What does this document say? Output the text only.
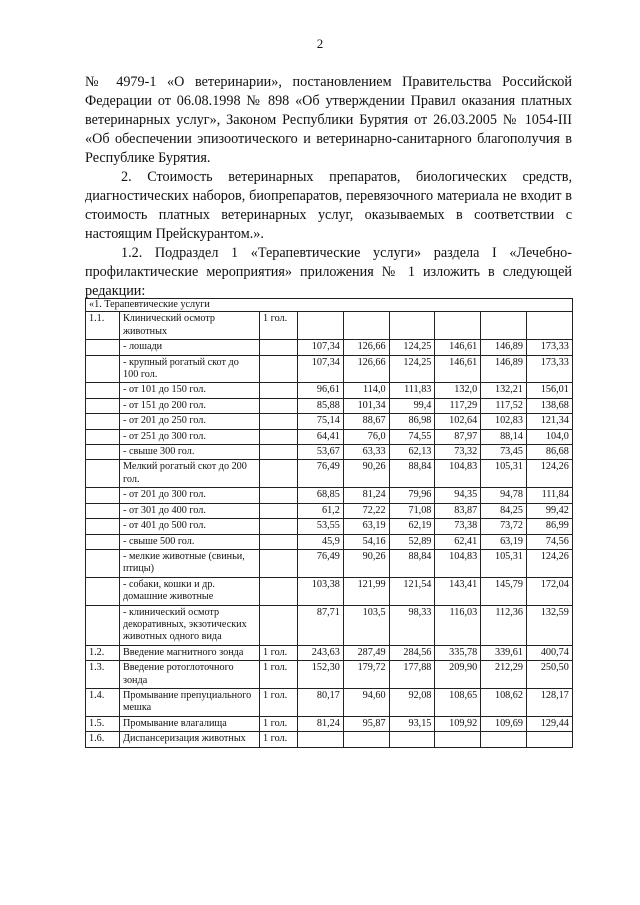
2

№ 4979-1 «О ветеринарии», постановлением Правительства Российской Федерации от 06.08.1998 № 898 «Об утверждении Правил оказания платных ветеринарных услуг», Законом Республики Бурятия от 26.03.2005 № 1054-III «Об обеспечении эпизоотического и ветеринарно-санитарного благополучия в Республике Бурятия.

2. Стоимость ветеринарных препаратов, биологических средств, диагностических наборов, биопрепаратов, перевязочного материала не входит в стоимость платных ветеринарных услуг, оказываемых в соответствии с настоящим Прейскурантом.».

1.2. Подраздел 1 «Терапевтические услуги» раздела I «Лечебно-профилактические мероприятия» приложения № 1 изложить в следующей редакции:

«1. Терапевтические услуги								
1.1.	Клинический осмотр животных	1 гол.						
	- лошади		107,34	126,66	124,25	146,61	146,89	173,33
	- крупный рогатый скот до 100 гол.		107,34	126,66	124,25	146,61	146,89	173,33
	- от 101 до 150 гол.		96,61	114,0	111,83	132,0	132,21	156,01
	- от 151 до 200 гол.		85,88	101,34	99,4	117,29	117,52	138,68
	- от 201 до 250 гол.		75,14	88,67	86,98	102,64	102,83	121,34
	- от 251 до 300 гол.		64,41	76,0	74,55	87,97	88,14	104,0
	- свыше 300 гол.		53,67	63,33	62,13	73,32	73,45	86,68
	Мелкий рогатый скот до 200 гол.		76,49	90,26	88,84	104,83	105,31	124,26
	- от 201 до 300 гол.		68,85	81,24	79,96	94,35	94,78	111,84
	- от 301 до 400 гол.		61,2	72,22	71,08	83,87	84,25	99,42
	- от 401 до 500 гол.		53,55	63,19	62,19	73,38	73,72	86,99
	- свыше 500 гол.		45,9	54,16	52,89	62,41	63,19	74,56
	- мелкие животные (свиньи, птицы)		76,49	90,26	88,84	104,83	105,31	124,26
	- собаки, кошки и др. домашние животные		103,38	121,99	121,54	143,41	145,79	172,04
	- клинический осмотр декоративных, экзотических животных одного вида		87,71	103,5	98,33	116,03	112,36	132,59
1.2.	Введение магнитного зонда	1 гол.	243,63	287,49	284,56	335,78	339,61	400,74
1.3.	Введение ротоглоточного зонда	1 гол.	152,30	179,72	177,88	209,90	212,29	250,50
1.4.	Промывание препуциального мешка	1 гол.	80,17	94,60	92,08	108,65	108,62	128,17
1.5.	Промывание влагалища	1 гол.	81,24	95,87	93,15	109,92	109,69	129,44
1.6.	Диспансеризация животных	1 гол.						
